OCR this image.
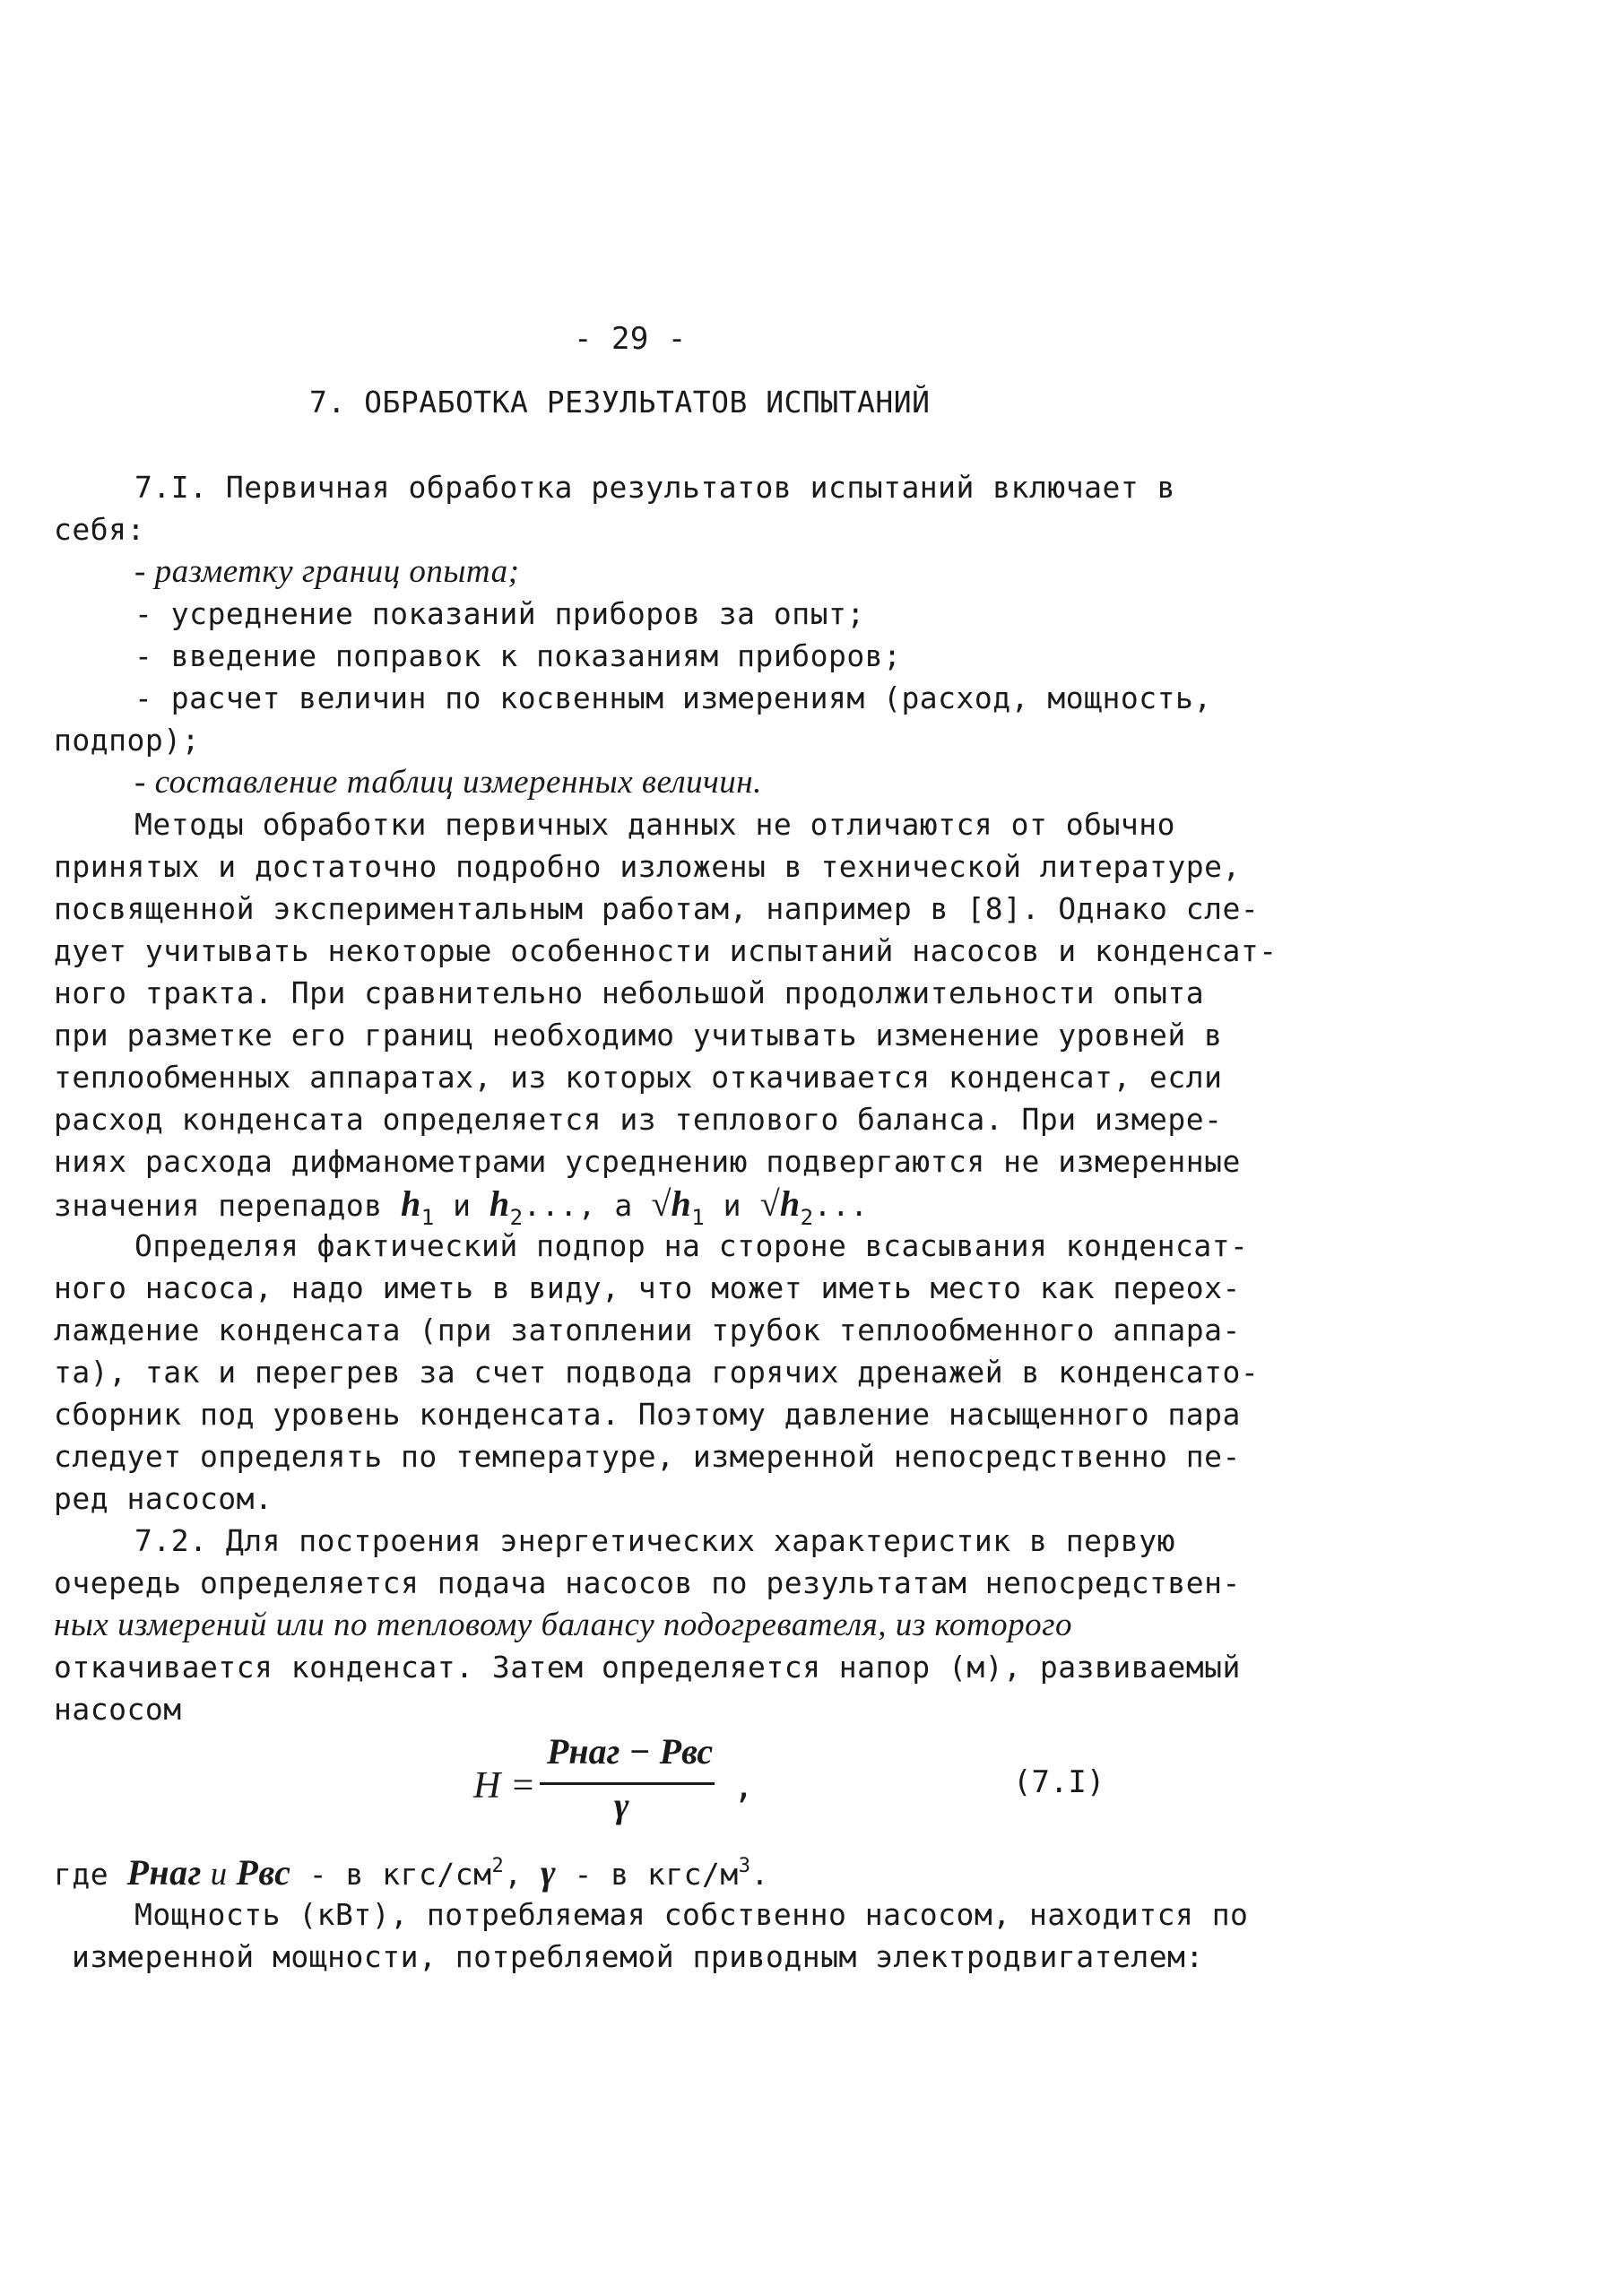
- 29 -
7. ОБРАБОТКА РЕЗУЛЬТАТОВ ИСПЫТАНИЙ
7.I. Первичная обработка результатов испытаний включает в
себя:
- разметку границ опыта;
- усреднение показаний приборов за опыт;
- введение поправок к показаниям приборов;
- расчет величин по косвенным измерениям (расход, мощность,
подпор);
- составление таблиц измеренных величин.
Методы обработки первичных данных не отличаются от обычно
принятых и достаточно подробно изложены в технической литературе,
посвященной экспериментальным работам, например в [8]. Однако сле-
дует учитывать некоторые особенности испытаний насосов и конденсат-
ного тракта. При сравнительно небольшой продолжительности опыта
при разметке его границ необходимо учитывать изменение уровней в
теплообменных аппаратах, из которых откачивается конденсат, если
расход конденсата определяется из теплового баланса. При измере-
ниях расхода дифманометрами усреднению подвергаются не измеренные
значения перепадов $h_1$ и $h_2$..., а $√h_1$ и $√h_2$...
Определяя фактический подпор на стороне всасывания конденсат-
ного насоса, надо иметь в виду, что может иметь место как переох-
лаждение конденсата (при затоплении трубок теплообменного аппара-
та), так и перегрев за счет подвода горячих дренажей в конденсато-
сборник под уровень конденсата. Поэтому давление насыщенного пара
следует определять по температуре, измеренной непосредственно пе-
ред насосом.
7.2. Для построения энергетических характеристик в первую
очередь определяется подача насосов по результатам непосредствен-
ных измерений или по тепловому балансу подогревателя, из которого
откачивается конденсат. Затем определяется напор (м), развиваемый
насосом
H =
Pнаг − Pвс
γ	,	(7.I)
где Pнаг и Pвс - в кгс/$см^2$, γ - в кгс/$м^3$.
Мощность (кВт), потребляемая собственно насосом, находится по
измеренной мощности, потребляемой приводным электродвигателем:
